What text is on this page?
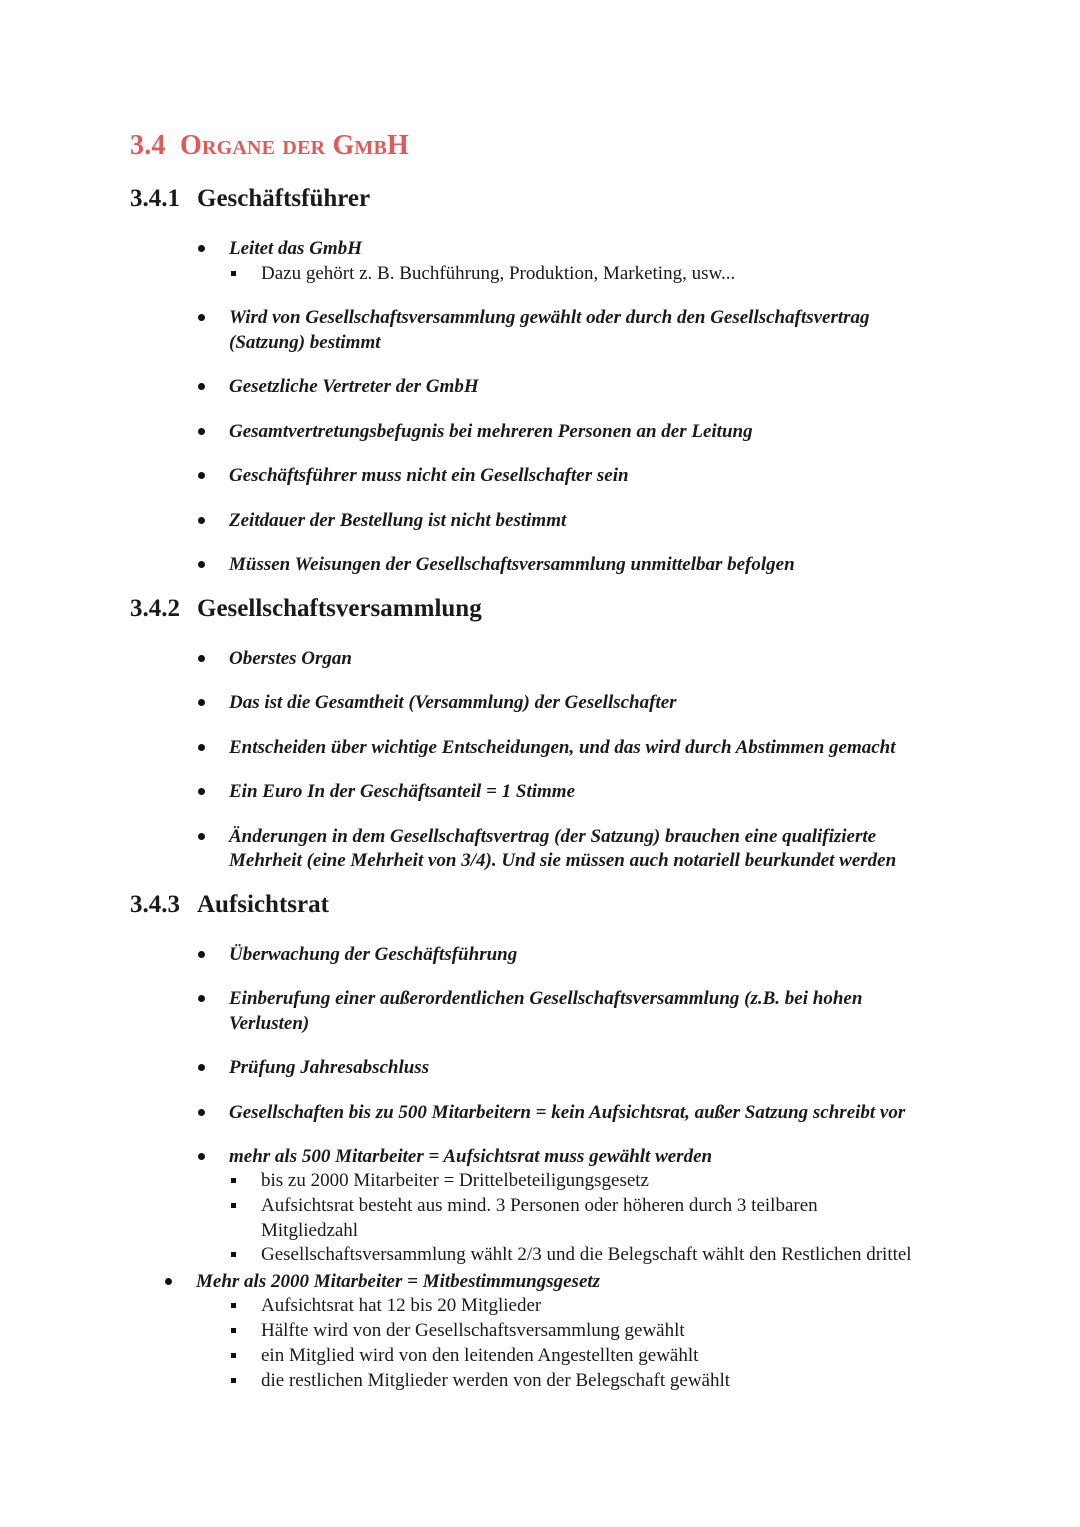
3.4 Organe der GmbH
3.4.1 Geschäftsführer
Leitet das GmbH
Dazu gehört z. B. Buchführung, Produktion, Marketing, usw...
Wird von Gesellschaftsversammlung gewählt oder durch den Gesellschaftsvertrag
(Satzung) bestimmt
Gesetzliche Vertreter der GmbH
Gesamtvertretungsbefugnis bei mehreren Personen an der Leitung
Geschäftsführer muss nicht ein Gesellschafter sein
Zeitdauer der Bestellung ist nicht bestimmt
Müssen Weisungen der Gesellschaftsversammlung unmittelbar befolgen
3.4.2 Gesellschaftsversammlung
Oberstes Organ
Das ist die Gesamtheit (Versammlung) der Gesellschafter
Entscheiden über wichtige Entscheidungen, und das wird durch Abstimmen gemacht
Ein Euro In der Geschäftsanteil = 1 Stimme
Änderungen in dem Gesellschaftsvertrag (der Satzung) brauchen eine qualifizierte
Mehrheit (eine Mehrheit von 3/4). Und sie müssen auch notariell beurkundet werden
3.4.3 Aufsichtsrat
Überwachung der Geschäftsführung
Einberufung einer außerordentlichen Gesellschaftsversammlung (z.B. bei hohen
Verlusten)
Prüfung Jahresabschluss
Gesellschaften bis zu 500 Mitarbeitern = kein Aufsichtsrat, außer Satzung schreibt vor
mehr als 500 Mitarbeiter = Aufsichtsrat muss gewählt werden
bis zu 2000 Mitarbeiter = Drittelbeteiligungsgesetz
Aufsichtsrat besteht aus mind. 3 Personen oder höheren durch 3 teilbaren
Mitgliedzahl
Gesellschaftsversammlung wählt 2/3 und die Belegschaft wählt den Restlichen drittel
Mehr als 2000 Mitarbeiter = Mitbestimmungsgesetz
Aufsichtsrat hat 12 bis 20 Mitglieder
Hälfte wird von der Gesellschaftsversammlung gewählt
ein Mitglied wird von den leitenden Angestellten gewählt
die restlichen Mitglieder werden von der Belegschaft gewählt
